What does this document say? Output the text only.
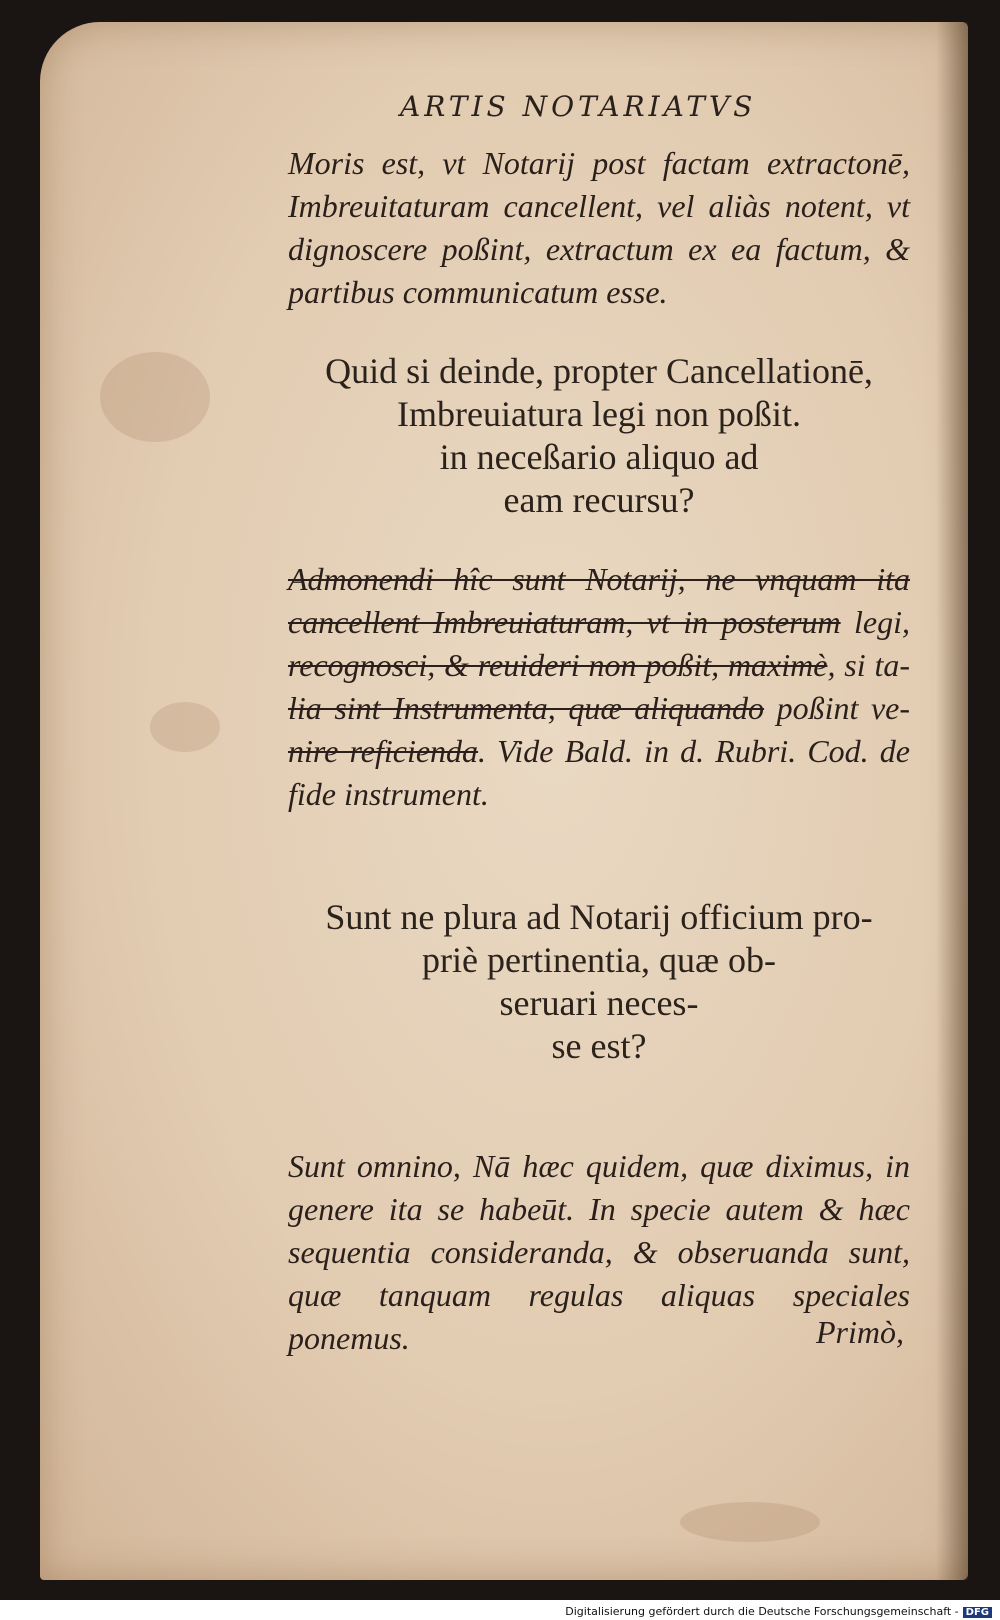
ARTIS NOTARIATVS
Moris est, vt Notarij post factam extractonē, Imbreuitaturam cancellent, vel aliàs notent, vt dignoscere poßint, extractum ex ea factum, & partibus communicatum esse.
Quid si deinde, propter Cancellationē,
Imbreuiatura legi non poßit.
in neceßario aliquo ad
eam recursu?
Admonendi hîc sunt Notarij, ne vnquam ita cancellent Imbreuiaturam, vt in posterum legi, recognosci, & reuideri non poßit, maximè, si ta-lia sint Instrumenta, quæ aliquando poßint ve- nire reficienda. Vide Bald. in d. Rubri. Cod. de fide instrument.
Sunt ne plura ad Notarij officium pro-
priè pertinentia, quæ ob-
seruari neces-
se est?
Sunt omnino, Nā hæc quidem, quæ diximus, in genere ita se habeūt. In specie autem & hæc sequentia consideranda, & obseruanda sunt, quæ tanquam regulas aliquas speciales ponemus.	Primò,
Digitalisierung gefördert durch die Deutsche Forschungsgemeinschaft - DFG
